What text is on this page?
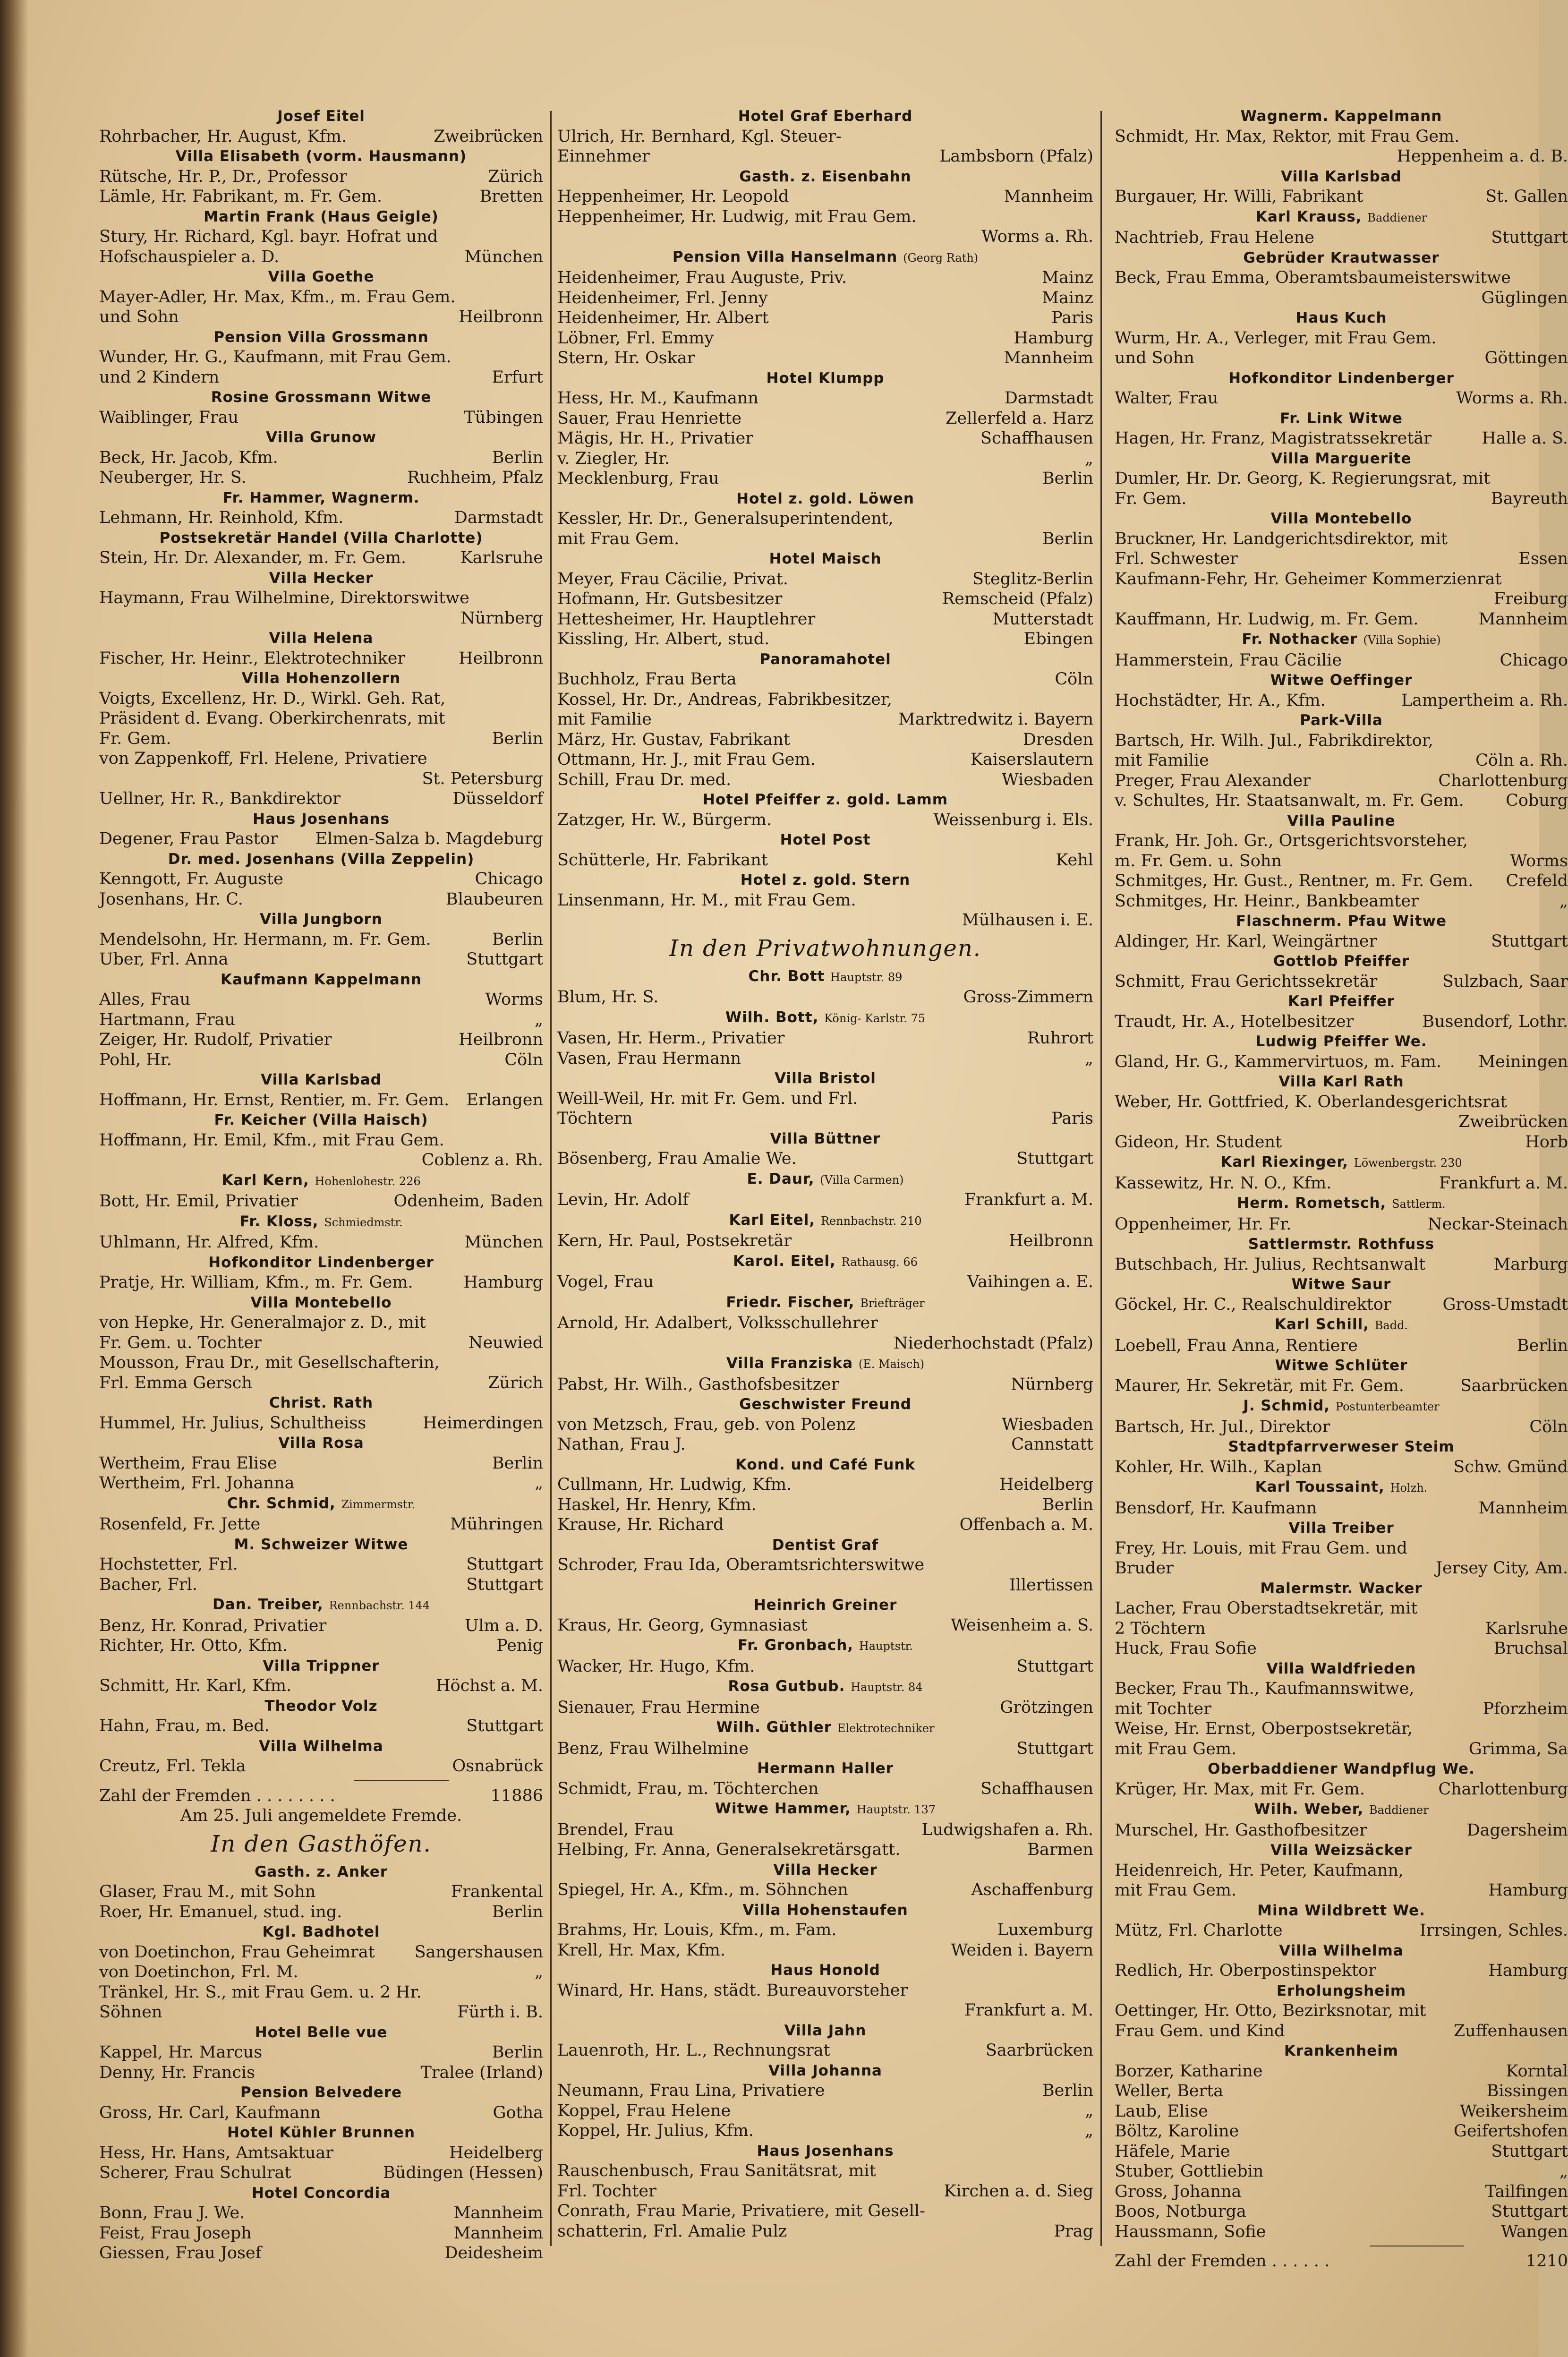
Josef Eitel
Rohrbacher, Hr. August, Kfm.	Zweibrücken
Villa Elisabeth (vorm. Hausmann)
Rütsche, Hr. P., Dr., Professor	Zürich
Lämle, Hr. Fabrikant, m. Fr. Gem.	Bretten
Martin Frank (Haus Geigle)
Stury, Hr. Richard, Kgl. bayr. Hofrat und
Hofschauspieler a. D.	München
Villa Goethe
Mayer-Adler, Hr. Max, Kfm., m. Frau Gem.
und Sohn	Heilbronn
Pension Villa Grossmann
Wunder, Hr. G., Kaufmann, mit Frau Gem.
und 2 Kindern	Erfurt
Rosine Grossmann Witwe
Waiblinger, Frau	Tübingen
Villa Grunow
Beck, Hr. Jacob, Kfm.	Berlin
Neuberger, Hr. S.	Ruchheim, Pfalz
Fr. Hammer, Wagnerm.
Lehmann, Hr. Reinhold, Kfm.	Darmstadt
Postsekretär Handel (Villa Charlotte)
Stein, Hr. Dr. Alexander, m. Fr. Gem.	Karlsruhe
Villa Hecker
Haymann, Frau Wilhelmine, Direktorswitwe
Nürnberg
Villa Helena
Fischer, Hr. Heinr., Elektrotechniker	Heilbronn
Villa Hohenzollern
Voigts, Excellenz, Hr. D., Wirkl. Geh. Rat,
Präsident d. Evang. Oberkirchenrats, mit
Fr. Gem.	Berlin
von Zappenkoff, Frl. Helene, Privatiere
St. Petersburg
Uellner, Hr. R., Bankdirektor	Düsseldorf
Haus Josenhans
Degener, Frau Pastor	Elmen-Salza b. Magdeburg
Dr. med. Josenhans (Villa Zeppelin)
Kenngott, Fr. Auguste	Chicago
Josenhans, Hr. C.	Blaubeuren
Villa Jungborn
Mendelsohn, Hr. Hermann, m. Fr. Gem.	Berlin
Uber, Frl. Anna	Stuttgart
Kaufmann Kappelmann
Alles, Frau	Worms
Hartmann, Frau	„
Zeiger, Hr. Rudolf, Privatier	Heilbronn
Pohl, Hr.	Cöln
Villa Karlsbad
Hoffmann, Hr. Ernst, Rentier, m. Fr. Gem.	Erlangen
Fr. Keicher (Villa Haisch)
Hoffmann, Hr. Emil, Kfm., mit Frau Gem.
Coblenz a. Rh.
Karl Kern, Hohenlohestr. 226
Bott, Hr. Emil, Privatier	Odenheim, Baden
Fr. Kloss, Schmiedmstr.
Uhlmann, Hr. Alfred, Kfm.	München
Hofkonditor Lindenberger
Pratje, Hr. William, Kfm., m. Fr. Gem.	Hamburg
Villa Montebello
von Hepke, Hr. Generalmajor z. D., mit
Fr. Gem. u. Tochter	Neuwied
Mousson, Frau Dr., mit Gesellschafterin,
Frl. Emma Gersch	Zürich
Christ. Rath
Hummel, Hr. Julius, Schultheiss	Heimerdingen
Villa Rosa
Wertheim, Frau Elise	Berlin
Wertheim, Frl. Johanna	„
Chr. Schmid, Zimmermstr.
Rosenfeld, Fr. Jette	Mühringen
M. Schweizer Witwe
Hochstetter, Frl.	Stuttgart
Bacher, Frl.	Stuttgart
Dan. Treiber, Rennbachstr. 144
Benz, Hr. Konrad, Privatier	Ulm a. D.
Richter, Hr. Otto, Kfm.	Penig
Villa Trippner
Schmitt, Hr. Karl, Kfm.	Höchst a. M.
Theodor Volz
Hahn, Frau, m. Bed.	Stuttgart
Villa Wilhelma
Creutz, Frl. Tekla	Osnabrück
Zahl der Fremden . . . . . . . .	11886
Am 25. Juli angemeldete Fremde.
In den Gasthöfen.
Gasth. z. Anker
Glaser, Frau M., mit Sohn	Frankental
Roer, Hr. Emanuel, stud. ing.	Berlin
Kgl. Badhotel
von Doetinchon, Frau Geheimrat	Sangershausen
von Doetinchon, Frl. M.	„
Tränkel, Hr. S., mit Frau Gem. u. 2 Hr.
Söhnen	Fürth i. B.
Hotel Belle vue
Kappel, Hr. Marcus	Berlin
Denny, Hr. Francis	Tralee (Irland)
Pension Belvedere
Gross, Hr. Carl, Kaufmann	Gotha
Hotel Kühler Brunnen
Hess, Hr. Hans, Amtsaktuar	Heidelberg
Scherer, Frau Schulrat	Büdingen (Hessen)
Hotel Concordia
Bonn, Frau J. We.	Mannheim
Feist, Frau Joseph	Mannheim
Giessen, Frau Josef	Deidesheim
Hotel Graf Eberhard
Ulrich, Hr. Bernhard, Kgl. Steuer-
Einnehmer	Lambsborn (Pfalz)
Gasth. z. Eisenbahn
Heppenheimer, Hr. Leopold	Mannheim
Heppenheimer, Hr. Ludwig, mit Frau Gem.
Worms a. Rh.
Pension Villa Hanselmann (Georg Rath)
Heidenheimer, Frau Auguste, Priv.	Mainz
Heidenheimer, Frl. Jenny	Mainz
Heidenheimer, Hr. Albert	Paris
Löbner, Frl. Emmy	Hamburg
Stern, Hr. Oskar	Mannheim
Hotel Klumpp
Hess, Hr. M., Kaufmann	Darmstadt
Sauer, Frau Henriette	Zellerfeld a. Harz
Mägis, Hr. H., Privatier	Schaffhausen
v. Ziegler, Hr.	„
Mecklenburg, Frau	Berlin
Hotel z. gold. Löwen
Kessler, Hr. Dr., Generalsuperintendent,
mit Frau Gem.	Berlin
Hotel Maisch
Meyer, Frau Cäcilie, Privat.	Steglitz-Berlin
Hofmann, Hr. Gutsbesitzer	Remscheid (Pfalz)
Hettesheimer, Hr. Hauptlehrer	Mutterstadt
Kissling, Hr. Albert, stud.	Ebingen
Panoramahotel
Buchholz, Frau Berta	Cöln
Kossel, Hr. Dr., Andreas, Fabrikbesitzer,
mit Familie	Marktredwitz i. Bayern
März, Hr. Gustav, Fabrikant	Dresden
Ottmann, Hr. J., mit Frau Gem.	Kaiserslautern
Schill, Frau Dr. med.	Wiesbaden
Hotel Pfeiffer z. gold. Lamm
Zatzger, Hr. W., Bürgerm.	Weissenburg i. Els.
Hotel Post
Schütterle, Hr. Fabrikant	Kehl
Hotel z. gold. Stern
Linsenmann, Hr. M., mit Frau Gem.
Mülhausen i. E.
In den Privatwohnungen.
Chr. Bott Hauptstr. 89
Blum, Hr. S.	Gross-Zimmern
Wilh. Bott, König- Karlstr. 75
Vasen, Hr. Herm., Privatier	Ruhrort
Vasen, Frau Hermann	„
Villa Bristol
Weill-Weil, Hr. mit Fr. Gem. und Frl.
Töchtern	Paris
Villa Büttner
Bösenberg, Frau Amalie We.	Stuttgart
E. Daur, (Villa Carmen)
Levin, Hr. Adolf	Frankfurt a. M.
Karl Eitel, Rennbachstr. 210
Kern, Hr. Paul, Postsekretär	Heilbronn
Karol. Eitel, Rathausg. 66
Vogel, Frau	Vaihingen a. E.
Friedr. Fischer, Briefträger
Arnold, Hr. Adalbert, Volksschullehrer
Niederhochstadt (Pfalz)
Villa Franziska (E. Maisch)
Pabst, Hr. Wilh., Gasthofsbesitzer	Nürnberg
Geschwister Freund
von Metzsch, Frau, geb. von Polenz	Wiesbaden
Nathan, Frau J.	Cannstatt
Kond. und Café Funk
Cullmann, Hr. Ludwig, Kfm.	Heidelberg
Haskel, Hr. Henry, Kfm.	Berlin
Krause, Hr. Richard	Offenbach a. M.
Dentist Graf
Schroder, Frau Ida, Oberamtsrichterswitwe
Illertissen
Heinrich Greiner
Kraus, Hr. Georg, Gymnasiast	Weisenheim a. S.
Fr. Gronbach, Hauptstr.
Wacker, Hr. Hugo, Kfm.	Stuttgart
Rosa Gutbub. Hauptstr. 84
Sienauer, Frau Hermine	Grötzingen
Wilh. Güthler Elektrotechniker
Benz, Frau Wilhelmine	Stuttgart
Hermann Haller
Schmidt, Frau, m. Töchterchen	Schaffhausen
Witwe Hammer, Hauptstr. 137
Brendel, Frau	Ludwigshafen a. Rh.
Helbing, Fr. Anna, Generalsekretärsgatt.	Barmen
Villa Hecker
Spiegel, Hr. A., Kfm., m. Söhnchen	Aschaffenburg
Villa Hohenstaufen
Brahms, Hr. Louis, Kfm., m. Fam.	Luxemburg
Krell, Hr. Max, Kfm.	Weiden i. Bayern
Haus Honold
Winard, Hr. Hans, städt. Bureauvorsteher
Frankfurt a. M.
Villa Jahn
Lauenroth, Hr. L., Rechnungsrat	Saarbrücken
Villa Johanna
Neumann, Frau Lina, Privatiere	Berlin
Koppel, Frau Helene	„
Koppel, Hr. Julius, Kfm.	„
Haus Josenhans
Rauschenbusch, Frau Sanitätsrat, mit
Frl. Tochter	Kirchen a. d. Sieg
Conrath, Frau Marie, Privatiere, mit Gesell-
schatterin, Frl. Amalie Pulz	Prag
Wagnerm. Kappelmann
Schmidt, Hr. Max, Rektor, mit Frau Gem.
Heppenheim a. d. B.
Villa Karlsbad
Burgauer, Hr. Willi, Fabrikant	St. Gallen
Karl Krauss, Baddiener
Nachtrieb, Frau Helene	Stuttgart
Gebrüder Krautwasser
Beck, Frau Emma, Oberamtsbaumeisterswitwe
Güglingen
Haus Kuch
Wurm, Hr. A., Verleger, mit Frau Gem.
und Sohn	Göttingen
Hofkonditor Lindenberger
Walter, Frau	Worms a. Rh.
Fr. Link Witwe
Hagen, Hr. Franz, Magistratssekretär	Halle a. S.
Villa Marguerite
Dumler, Hr. Dr. Georg, K. Regierungsrat, mit
Fr. Gem.	Bayreuth
Villa Montebello
Bruckner, Hr. Landgerichtsdirektor, mit
Frl. Schwester	Essen
Kaufmann-Fehr, Hr. Geheimer Kommerzienrat
Freiburg
Kauffmann, Hr. Ludwig, m. Fr. Gem.	Mannheim
Fr. Nothacker (Villa Sophie)
Hammerstein, Frau Cäcilie	Chicago
Witwe Oeffinger
Hochstädter, Hr. A., Kfm.	Lampertheim a. Rh.
Park-Villa
Bartsch, Hr. Wilh. Jul., Fabrikdirektor,
mit Familie	Cöln a. Rh.
Preger, Frau Alexander	Charlottenburg
v. Schultes, Hr. Staatsanwalt, m. Fr. Gem.	Coburg
Villa Pauline
Frank, Hr. Joh. Gr., Ortsgerichtsvorsteher,
m. Fr. Gem. u. Sohn	Worms
Schmitges, Hr. Gust., Rentner, m. Fr. Gem.	Crefeld
Schmitges, Hr. Heinr., Bankbeamter	„
Flaschnerm. Pfau Witwe
Aldinger, Hr. Karl, Weingärtner	Stuttgart
Gottlob Pfeiffer
Schmitt, Frau Gerichtssekretär	Sulzbach, Saar
Karl Pfeiffer
Traudt, Hr. A., Hotelbesitzer	Busendorf, Lothr.
Ludwig Pfeiffer We.
Gland, Hr. G., Kammervirtuos, m. Fam.	Meiningen
Villa Karl Rath
Weber, Hr. Gottfried, K. Oberlandesgerichtsrat
Zweibrücken
Gideon, Hr. Student	Horb
Karl Riexinger, Löwenbergstr. 230
Kassewitz, Hr. N. O., Kfm.	Frankfurt a. M.
Herm. Rometsch, Sattlerm.
Oppenheimer, Hr. Fr.	Neckar-Steinach
Sattlermstr. Rothfuss
Butschbach, Hr. Julius, Rechtsanwalt	Marburg
Witwe Saur
Göckel, Hr. C., Realschuldirektor	Gross-Umstadt
Karl Schill, Badd.
Loebell, Frau Anna, Rentiere	Berlin
Witwe Schlüter
Maurer, Hr. Sekretär, mit Fr. Gem.	Saarbrücken
J. Schmid, Postunterbeamter
Bartsch, Hr. Jul., Direktor	Cöln
Stadtpfarrverweser Steim
Kohler, Hr. Wilh., Kaplan	Schw. Gmünd
Karl Toussaint, Holzh.
Bensdorf, Hr. Kaufmann	Mannheim
Villa Treiber
Frey, Hr. Louis, mit Frau Gem. und
Bruder	Jersey City, Am.
Malermstr. Wacker
Lacher, Frau Oberstadtsekretär, mit
2 Töchtern	Karlsruhe
Huck, Frau Sofie	Bruchsal
Villa Waldfrieden
Becker, Frau Th., Kaufmannswitwe,
mit Tochter	Pforzheim
Weise, Hr. Ernst, Oberpostsekretär,
mit Frau Gem.	Grimma, Sa
Oberbaddiener Wandpflug We.
Krüger, Hr. Max, mit Fr. Gem.	Charlottenburg
Wilh. Weber, Baddiener
Murschel, Hr. Gasthofbesitzer	Dagersheim
Villa Weizsäcker
Heidenreich, Hr. Peter, Kaufmann,
mit Frau Gem.	Hamburg
Mina Wildbrett We.
Mütz, Frl. Charlotte	Irrsingen, Schles.
Villa Wilhelma
Redlich, Hr. Oberpostinspektor	Hamburg
Erholungsheim
Oettinger, Hr. Otto, Bezirksnotar, mit
Frau Gem. und Kind	Zuffenhausen
Krankenheim
Borzer, Katharine	Korntal
Weller, Berta	Bissingen
Laub, Elise	Weikersheim
Böltz, Karoline	Geifertshofen
Häfele, Marie	Stuttgart
Stuber, Gottliebin	„
Gross, Johanna	Tailfingen
Boos, Notburga	Stuttgart
Haussmann, Sofie	Wangen
Zahl der Fremden . . . . . .	1210
